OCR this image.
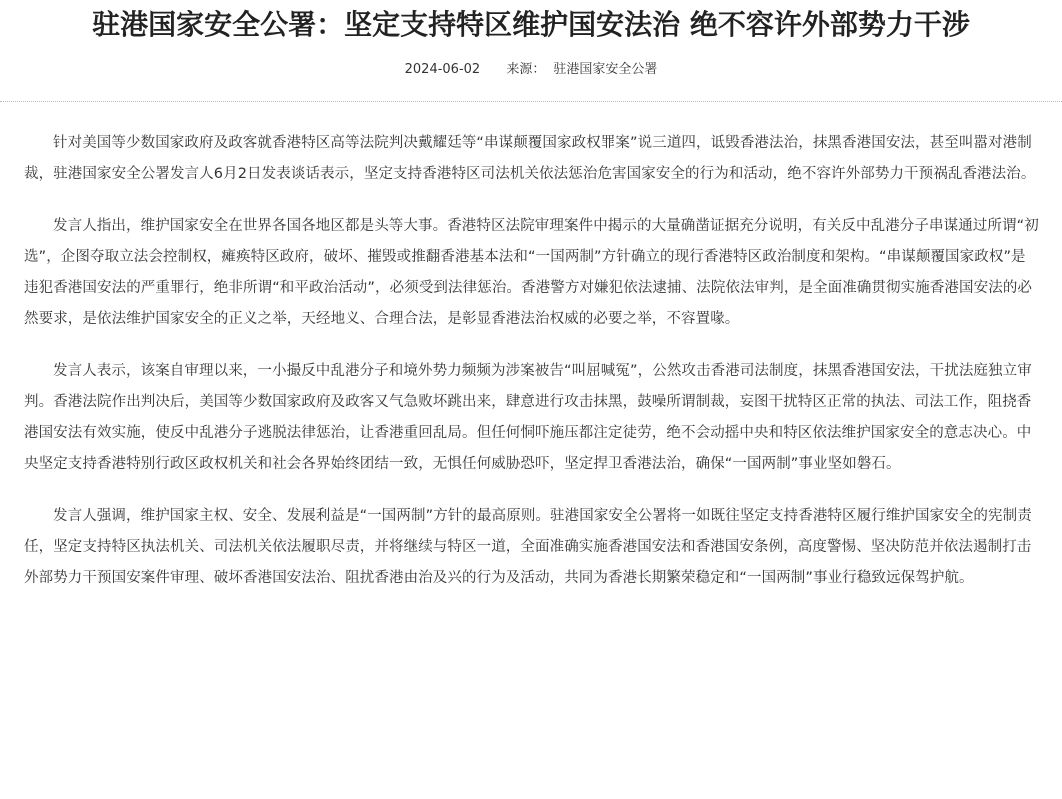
驻港国家安全公署：坚定支持特区维护国安法治 绝不容许外部势力干涉
2024-06-02 来源： 驻港国家安全公署

针对美国等少数国家政府及政客就香港特区高等法院判决戴耀廷等“串谋颠覆国家政权罪案”说三道四，诋毁香港法治，抹黑香港国安法，甚至叫嚣对港制裁，驻港国家安全公署发言人6月2日发表谈话表示，坚定支持香港特区司法机关依法惩治危害国家安全的行为和活动，绝不容许外部势力干预祸乱香港法治。

发言人指出，维护国家安全在世界各国各地区都是头等大事。香港特区法院审理案件中揭示的大量确凿证据充分说明，有关反中乱港分子串谋通过所谓“初选”，企图夺取立法会控制权，瘫痪特区政府，破坏、摧毁或推翻香港基本法和“一国两制”方针确立的现行香港特区政治制度和架构。“串谋颠覆国家政权”是违犯香港国安法的严重罪行，绝非所谓“和平政治活动”，必须受到法律惩治。香港警方对嫌犯依法逮捕、法院依法审判，是全面准确贯彻实施香港国安法的必然要求，是依法维护国家安全的正义之举，天经地义、合理合法，是彰显香港法治权威的必要之举，不容置喙。

发言人表示，该案自审理以来，一小撮反中乱港分子和境外势力频频为涉案被告“叫屈喊冤”，公然攻击香港司法制度，抹黑香港国安法，干扰法庭独立审判。香港法院作出判决后，美国等少数国家政府及政客又气急败坏跳出来，肆意进行攻击抹黑，鼓噪所谓制裁，妄图干扰特区正常的执法、司法工作，阻挠香港国安法有效实施，使反中乱港分子逃脱法律惩治，让香港重回乱局。但任何恫吓施压都注定徒劳，绝不会动摇中央和特区依法维护国家安全的意志决心。中央坚定支持香港特别行政区政权机关和社会各界始终团结一致，无惧任何威胁恐吓，坚定捍卫香港法治，确保“一国两制”事业坚如磐石。

发言人强调，维护国家主权、安全、发展利益是“一国两制”方针的最高原则。驻港国家安全公署将一如既往坚定支持香港特区履行维护国家安全的宪制责任，坚定支持特区执法机关、司法机关依法履职尽责，并将继续与特区一道，全面准确实施香港国安法和香港国安条例，高度警惕、坚决防范并依法遏制打击外部势力干预国安案件审理、破坏香港国安法治、阻扰香港由治及兴的行为及活动，共同为香港长期繁荣稳定和“一国两制”事业行稳致远保驾护航。
